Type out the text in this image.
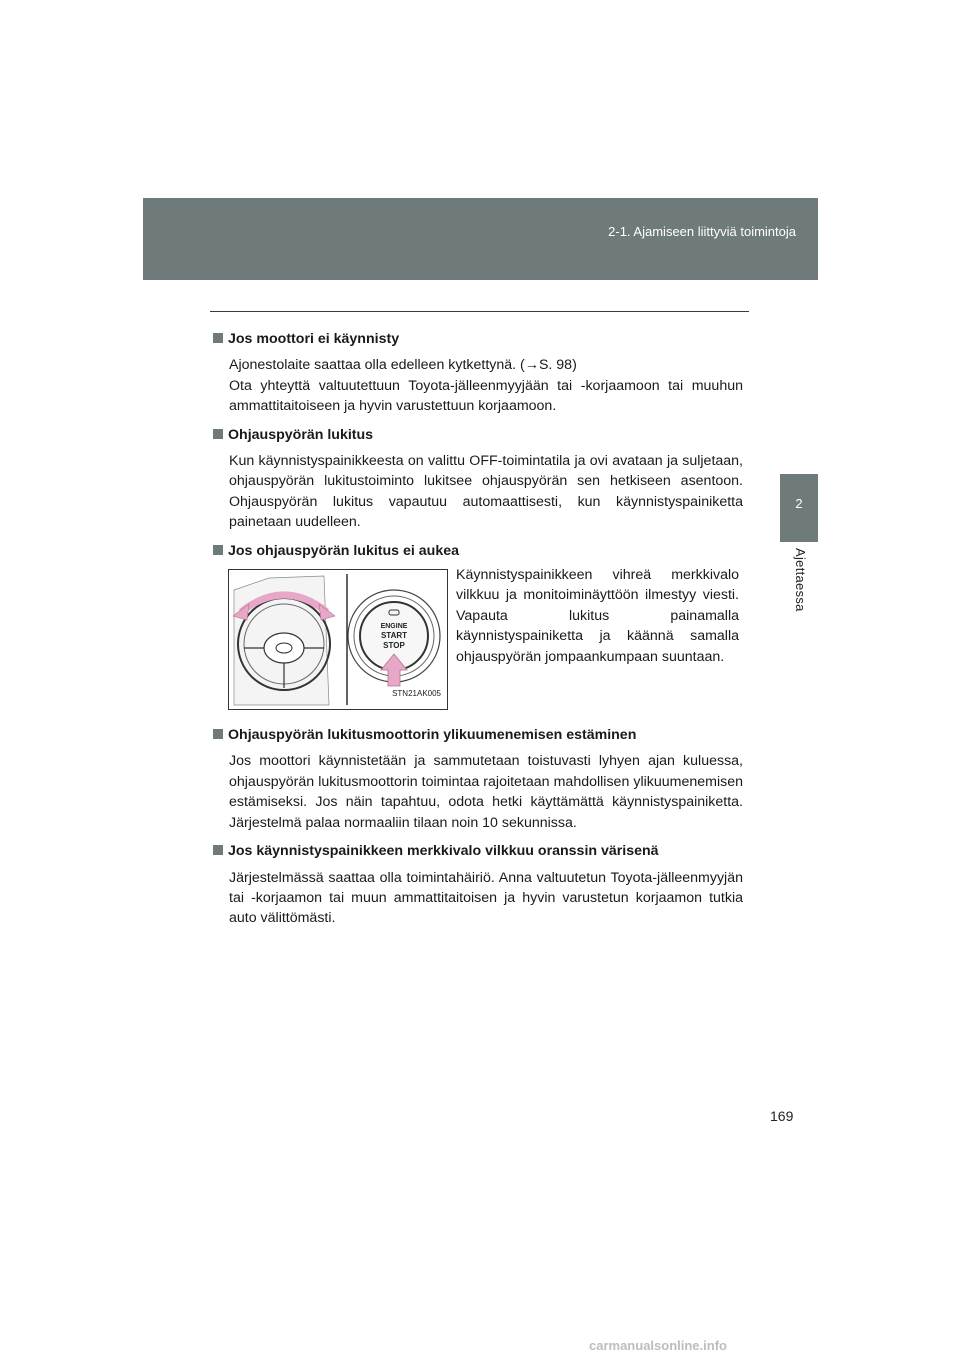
2-1. Ajamiseen liittyviä toimintoja
2
Ajettaessa

Jos moottori ei käynnisty

Ajonestolaite saattaa olla edelleen kytkettynä. (→S. 98)

Ota yhteyttä valtuutettuun Toyota-jälleenmyyjään tai -korjaamoon tai muuhun ammattitaitoiseen ja hyvin varustettuun korjaamoon.

Ohjauspyörän lukitus

Kun käynnistyspainikkeesta on valittu OFF-toimintatila ja ovi avataan ja suljetaan, ohjauspyörän lukitustoiminto lukitsee ohjauspyörän sen hetkiseen asentoon. Ohjauspyörän lukitus vapautuu automaattisesti, kun käynnistyspainiketta painetaan uudelleen.

Jos ohjauspyörän lukitus ei aukea

ENGINE
START
STOP
STN21AK005
Käynnistyspainikkeen vihreä merkkivalo vilkkuu ja monitoiminäyttöön ilmestyy viesti. Vapauta lukitus painamalla käynnistyspainiketta ja käännä samalla ohjauspyörän jompaankumpaan suuntaan.

Ohjauspyörän lukitusmoottorin ylikuumenemisen estäminen

Jos moottori käynnistetään ja sammutetaan toistuvasti lyhyen ajan kuluessa, ohjauspyörän lukitusmoottorin toimintaa rajoitetaan mahdollisen ylikuumenemisen estämiseksi. Jos näin tapahtuu, odota hetki käyttämättä käynnistyspainiketta. Järjestelmä palaa normaaliin tilaan noin 10 sekunnissa.

Jos käynnistyspainikkeen merkkivalo vilkkuu oranssin värisenä

Järjestelmässä saattaa olla toimintahäiriö. Anna valtuutetun Toyota-jälleenmyyjän tai -korjaamon tai muun ammattitaitoisen ja hyvin varustetun korjaamon tutkia auto välittömästi.

169
carmanualsonline.info
